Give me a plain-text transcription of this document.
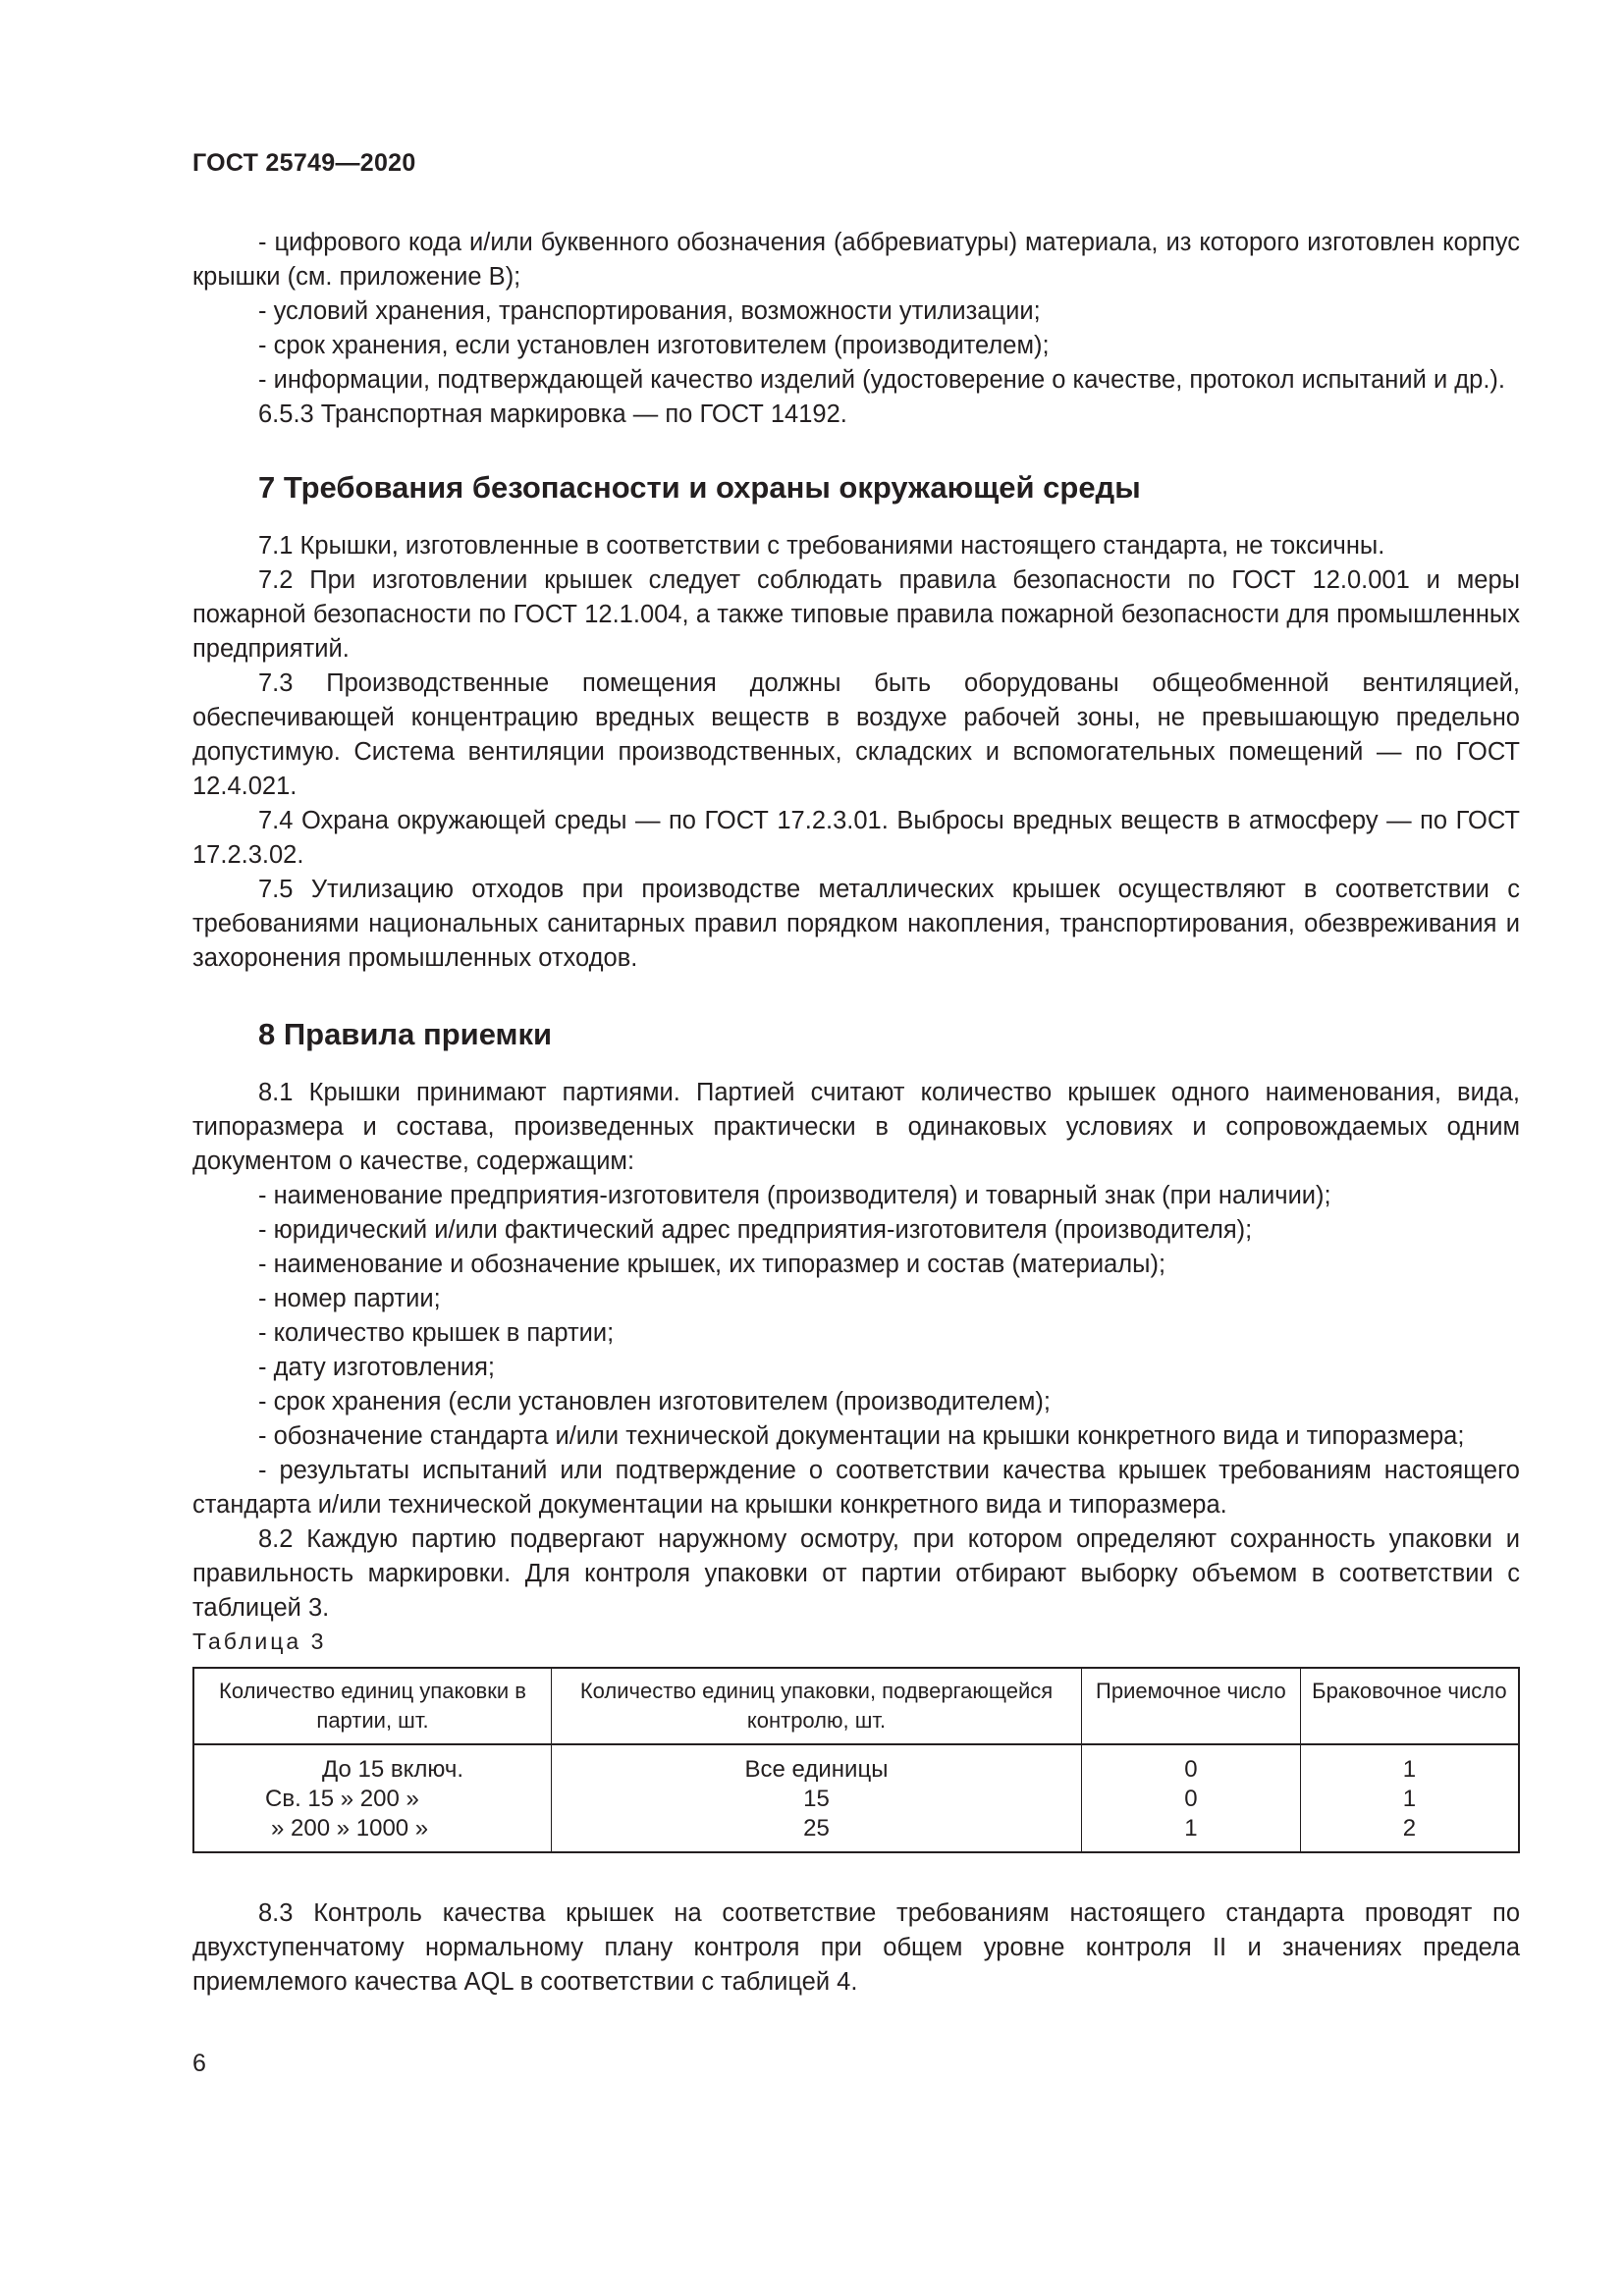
ГОСТ 25749—2020

- цифрового кода и/или буквенного обозначения (аббревиатуры) материала, из которого изготовлен корпус крышки (см. приложение В);

- условий хранения, транспортирования, возможности утилизации;

- срок хранения, если установлен изготовителем (производителем);

- информации, подтверждающей качество изделий (удостоверение о качестве, протокол испытаний и др.).

6.5.3 Транспортная маркировка — по ГОСТ 14192.

7 Требования безопасности и охраны окружающей среды

7.1 Крышки, изготовленные в соответствии с требованиями настоящего стандарта, не токсичны.

7.2 При изготовлении крышек следует соблюдать правила безопасности по ГОСТ 12.0.001 и меры пожарной безопасности по ГОСТ 12.1.004, а также типовые правила пожарной безопасности для промышленных предприятий.

7.3 Производственные помещения должны быть оборудованы общеобменной вентиляцией, обеспечивающей концентрацию вредных веществ в воздухе рабочей зоны, не превышающую предельно допустимую. Система вентиляции производственных, складских и вспомогательных помещений — по ГОСТ 12.4.021.

7.4 Охрана окружающей среды — по ГОСТ 17.2.3.01. Выбросы вредных веществ в атмосферу — по ГОСТ 17.2.3.02.

7.5 Утилизацию отходов при производстве металлических крышек осуществляют в соответствии с требованиями национальных санитарных правил порядком накопления, транспортирования, обезвреживания и захоронения промышленных отходов.

8 Правила приемки

8.1 Крышки принимают партиями. Партией считают количество крышек одного наименования, вида, типоразмера и состава, произведенных практически в одинаковых условиях и сопровождаемых одним документом о качестве, содержащим:

- наименование предприятия-изготовителя (производителя) и товарный знак (при наличии);

- юридический и/или фактический адрес предприятия-изготовителя (производителя);

- наименование и обозначение крышек, их типоразмер и состав (материалы);

- номер партии;

- количество крышек в партии;

- дату изготовления;

- срок хранения (если установлен изготовителем (производителем);

- обозначение стандарта и/или технической документации на крышки конкретного вида и типоразмера;

- результаты испытаний или подтверждение о соответствии качества крышек требованиям настоящего стандарта и/или технической документации на крышки конкретного вида и типоразмера.

8.2 Каждую партию подвергают наружному осмотру, при котором определяют сохранность упаковки и правильность маркировки. Для контроля упаковки от партии отбирают выборку объемом в соответствии с таблицей 3.

Таблица 3

Количество единиц упаковки в партии, шт.	Количество единиц упаковки, подвергающейся контролю, шт.	Приемочное число	Браковочное число
До 15 включ.	Все единицы	0	1
Св. 15 » 200 »	15	0	1
» 200 » 1000 »	25	1	2

8.3 Контроль качества крышек на соответствие требованиям настоящего стандарта проводят по двухступенчатому нормальному плану контроля при общем уровне контроля II и значениях предела приемлемого качества AQL в соответствии с таблицей 4.

6
